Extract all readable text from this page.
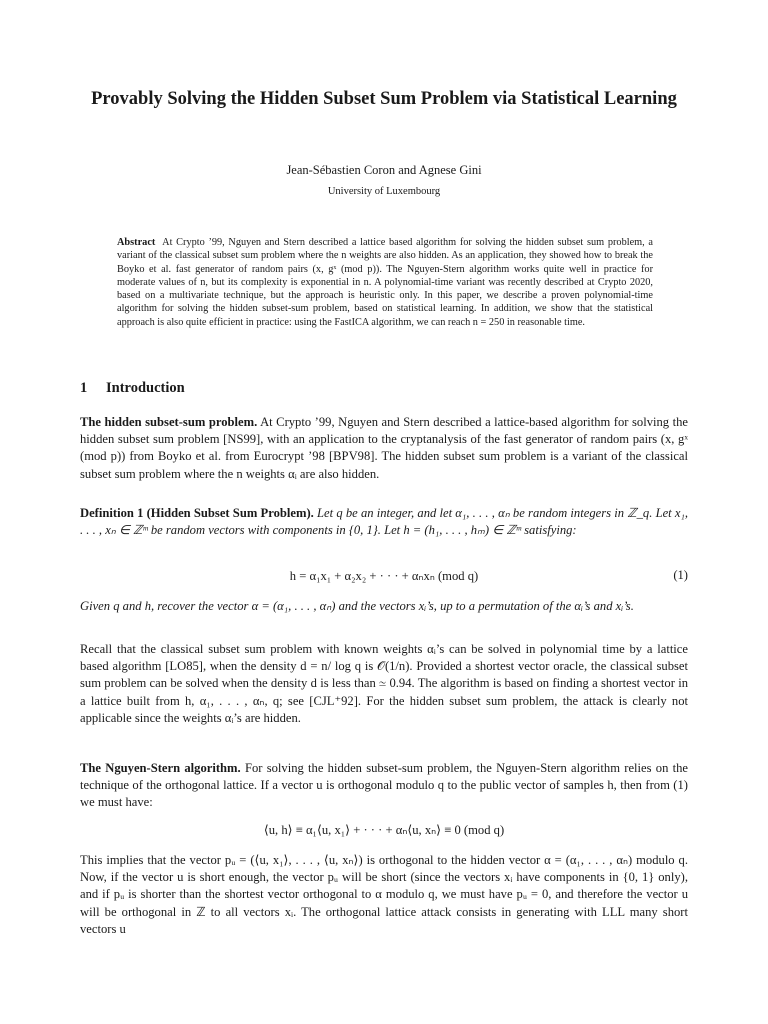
Provably Solving the Hidden Subset Sum Problem via Statistical Learning
Jean-Sébastien Coron and Agnese Gini
University of Luxembourg
Abstract At Crypto ’99, Nguyen and Stern described a lattice based algorithm for solving the hidden subset sum problem, a variant of the classical subset sum problem where the n weights are also hidden. As an application, they showed how to break the Boyko et al. fast generator of random pairs (x, gˣ (mod p)). The Nguyen-Stern algorithm works quite well in practice for moderate values of n, but its complexity is exponential in n. A polynomial-time variant was recently described at Crypto 2020, based on a multivariate technique, but the approach is heuristic only. In this paper, we describe a proven polynomial-time algorithm for solving the hidden subset-sum problem, based on statistical learning. In addition, we show that the statistical approach is also quite efficient in practice: using the FastICA algorithm, we can reach n = 250 in reasonable time.
1 Introduction
The hidden subset-sum problem. At Crypto ’99, Nguyen and Stern described a lattice-based algorithm for solving the hidden subset sum problem [NS99], with an application to the cryptanalysis of the fast generator of random pairs (x, gˣ (mod p)) from Boyko et al. from Eurocrypt ’98 [BPV98]. The hidden subset sum problem is a variant of the classical subset sum problem where the n weights αᵢ are also hidden.
Definition 1 (Hidden Subset Sum Problem). Let q be an integer, and let α₁, . . . , αₙ be random integers in ℤ_q. Let x₁, . . . , xₙ ∈ ℤᵐ be random vectors with components in {0, 1}. Let h = (h₁, . . . , hₘ) ∈ ℤᵐ satisfying:
h = α₁x₁ + α₂x₂ + · · · + αₙxₙ (mod q)	(1)
Given q and h, recover the vector α = (α₁, . . . , αₙ) and the vectors xᵢ’s, up to a permutation of the αᵢ’s and xᵢ’s.
Recall that the classical subset sum problem with known weights αᵢ’s can be solved in polynomial time by a lattice based algorithm [LO85], when the density d = n/ log q is 𝒪(1/n). Provided a shortest vector oracle, the classical subset sum problem can be solved when the density d is less than ≃ 0.94. The algorithm is based on finding a shortest vector in a lattice built from h, α₁, . . . , αₙ, q; see [CJL⁺92]. For the hidden subset sum problem, the attack is clearly not applicable since the weights αᵢ’s are hidden.
The Nguyen-Stern algorithm. For solving the hidden subset-sum problem, the Nguyen-Stern algorithm relies on the technique of the orthogonal lattice. If a vector u is orthogonal modulo q to the public vector of samples h, then from (1) we must have:
⟨u, h⟩ ≡ α₁⟨u, x₁⟩ + · · · + αₙ⟨u, xₙ⟩ ≡ 0 (mod q)
This implies that the vector pᵤ = (⟨u, x₁⟩, . . . , ⟨u, xₙ⟩) is orthogonal to the hidden vector α = (α₁, . . . , αₙ) modulo q. Now, if the vector u is short enough, the vector pᵤ will be short (since the vectors xᵢ have components in {0, 1} only), and if pᵤ is shorter than the shortest vector orthogonal to α modulo q, we must have pᵤ = 0, and therefore the vector u will be orthogonal in ℤ to all vectors xᵢ. The orthogonal lattice attack consists in generating with LLL many short vectors u
